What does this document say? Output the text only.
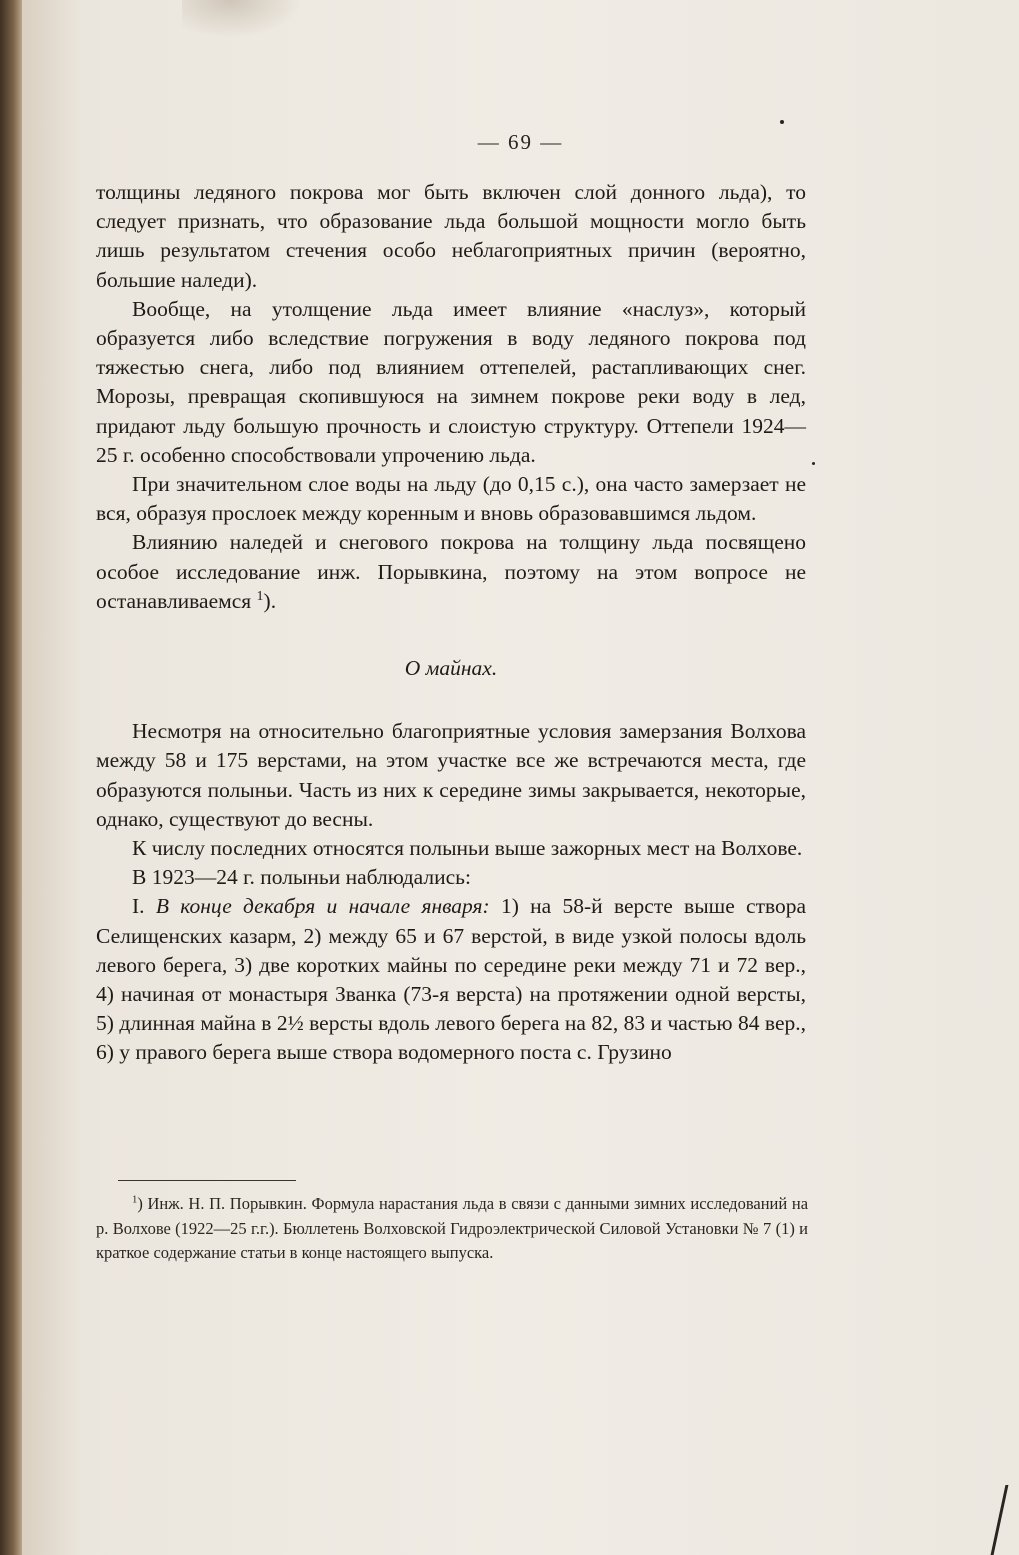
— 69 —

толщины ледяного покрова мог быть включен слой донного льда), то следует признать, что образование льда большой мощности могло быть лишь результатом стечения особо неблагоприятных причин (вероятно, большие наледи).

Вообще, на утолщение льда имеет влияние «наслуз», который образуется либо вследствие погружения в воду ледяного покрова под тяжестью снега, либо под влиянием оттепелей, растапливающих снег. Морозы, превращая скопившуюся на зимнем покрове реки воду в лед, придают льду большую прочность и слоистую структуру. Оттепели 1924—25 г. особенно способствовали упрочению льда.

При значительном слое воды на льду (до 0,15 с.), она часто замерзает не вся, образуя прослоек между коренным и вновь образовавшимся льдом.

Влиянию наледей и снегового покрова на толщину льда посвящено особое исследование инж. Порывкина, поэтому на этом вопросе не останавливаемся $^1$).

О майнах.

Несмотря на относительно благоприятные условия замерзания Волхова между 58 и 175 верстами, на этом участке все же встречаются места, где образуются полыньи. Часть из них к середине зимы закрывается, некоторые, однако, существуют до весны.

К числу последних относятся полыньи выше зажорных мест на Волхове.

В 1923—24 г. полыньи наблюдались:

I. В конце декабря и начале января: 1) на 58-й версте выше створа Селищенских казарм, 2) между 65 и 67 верстой, в виде узкой полосы вдоль левого берега, 3) две коротких майны по середине реки между 71 и 72 вер., 4) начиная от монастыря Званка (73-я верста) на протяжении одной версты, 5) длинная майна в 2½ версты вдоль левого берега на 82, 83 и частью 84 вер., 6) у правого берега выше створа водомерного поста с. Грузино

$^1$) Инж. Н. П. Порывкин. Формула нарастания льда в связи с данными зимних исследований на р. Волхове (1922—25 г.г.). Бюллетень Волховской Гидроэлектрической Силовой Установки № 7 (1) и краткое содержание статьи в конце настоящего выпуска.
